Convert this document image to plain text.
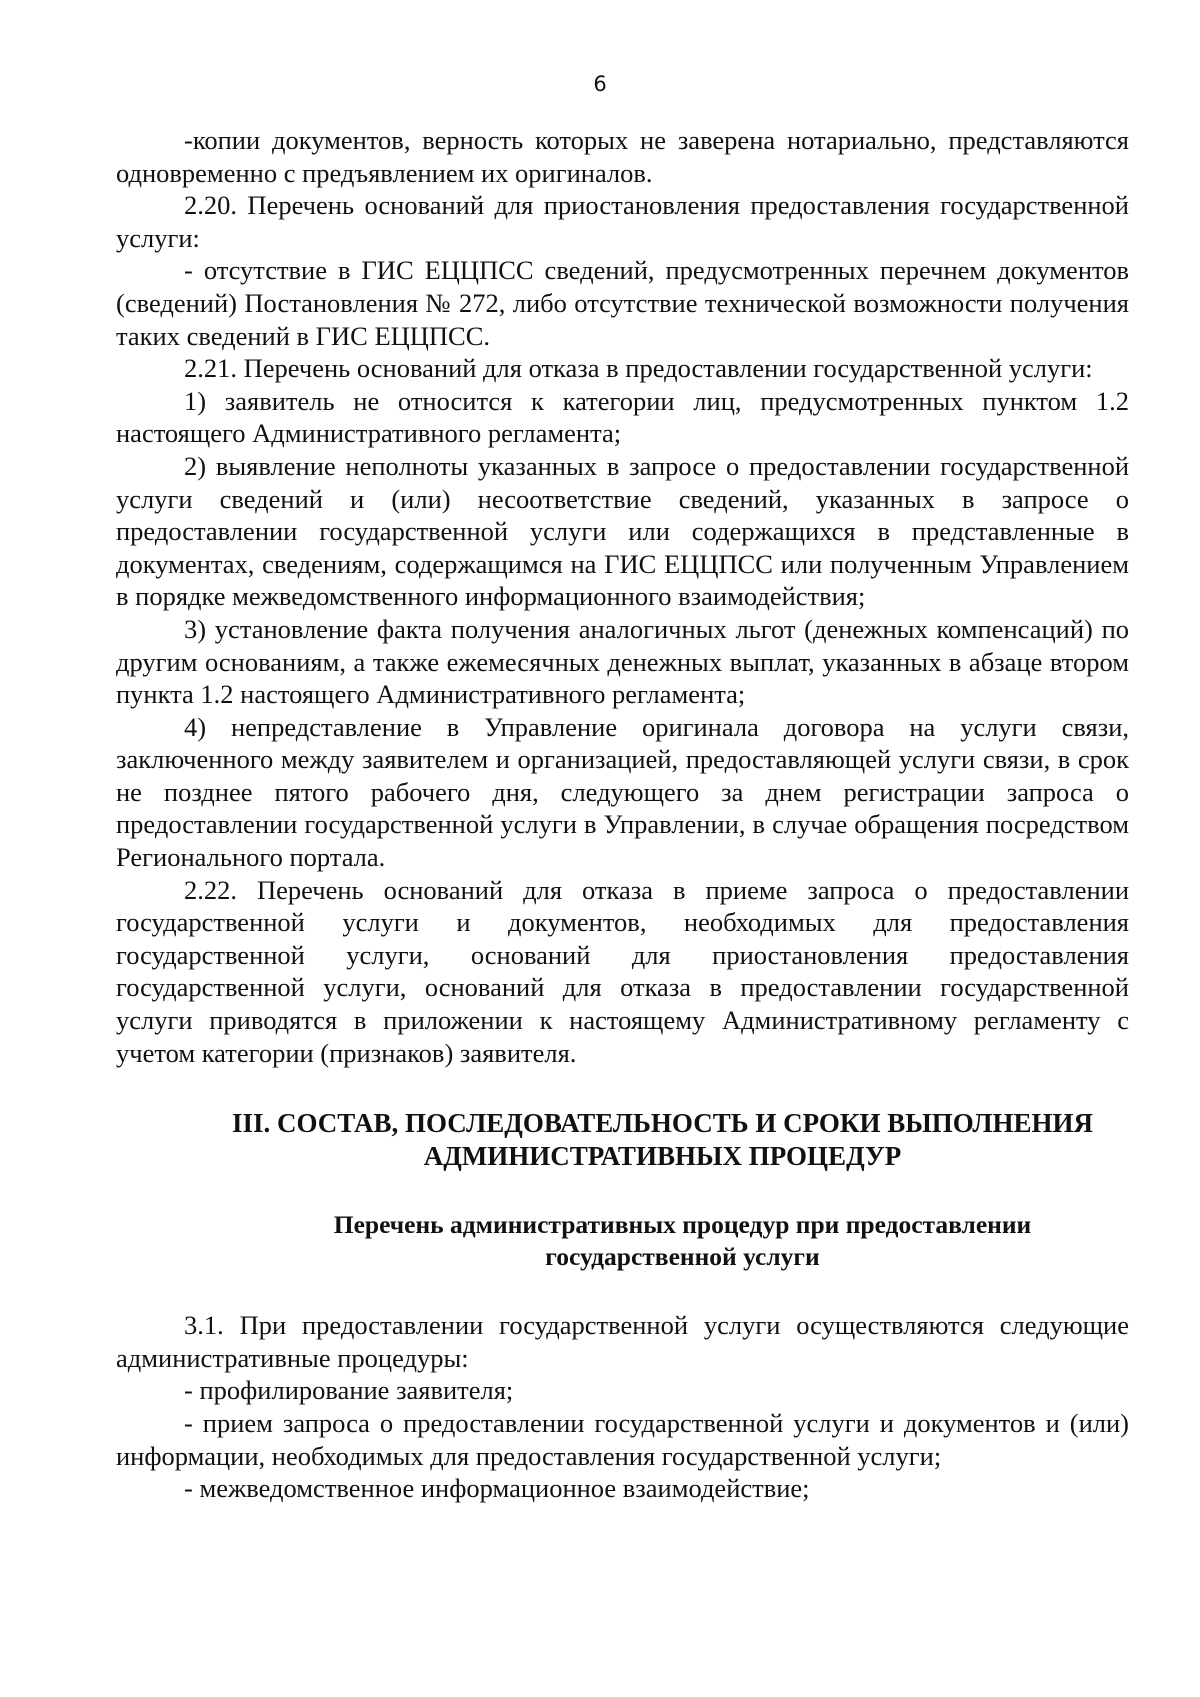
6

-копии документов, верность которых не заверена нотариально, представляются одновременно с предъявлением их оригиналов.

2.20. Перечень оснований для приостановления предоставления государственной услуги:

- отсутствие в ГИС ЕЦЦПСС сведений, предусмотренных перечнем документов (сведений) Постановления № 272, либо отсутствие технической возможности получения таких сведений в ГИС ЕЦЦПСС.

2.21. Перечень оснований для отказа в предоставлении государственной услуги:

1) заявитель не относится к категории лиц, предусмотренных пунктом 1.2 настоящего Административного регламента;

2) выявление неполноты указанных в запросе о предоставлении государственной услуги сведений и (или) несоответствие сведений, указанных в запросе о предоставлении государственной услуги или содержащихся в представленные в документах, сведениям, содержащимся на ГИС ЕЦЦПСС или полученным Управлением в порядке межведомственного информационного взаимодействия;

3) установление факта получения аналогичных льгот (денежных компенсаций) по другим основаниям, а также ежемесячных денежных выплат, указанных в абзаце втором пункта 1.2 настоящего Административного регламента;

4) непредставление в Управление оригинала договора на услуги связи, заключенного между заявителем и организацией, предоставляющей услуги связи, в срок не позднее пятого рабочего дня, следующего за днем регистрации запроса о предоставлении государственной услуги в Управлении, в случае обращения посредством Регионального портала.

2.22. Перечень оснований для отказа в приеме запроса о предоставлении государственной услуги и документов, необходимых для предоставления государственной услуги, оснований для приостановления предоставления государственной услуги, оснований для отказа в предоставлении государственной услуги приводятся в приложении к настоящему Административному регламенту с учетом категории (признаков) заявителя.

III. СОСТАВ, ПОСЛЕДОВАТЕЛЬНОСТЬ И СРОКИ ВЫПОЛНЕНИЯ
АДМИНИСТРАТИВНЫХ ПРОЦЕДУР

Перечень административных процедур при предоставлении
государственной услуги

3.1. При предоставлении государственной услуги осуществляются следующие административные процедуры:

- профилирование заявителя;

- прием запроса о предоставлении государственной услуги и документов и (или) информации, необходимых для предоставления государственной услуги;

- межведомственное информационное взаимодействие;
